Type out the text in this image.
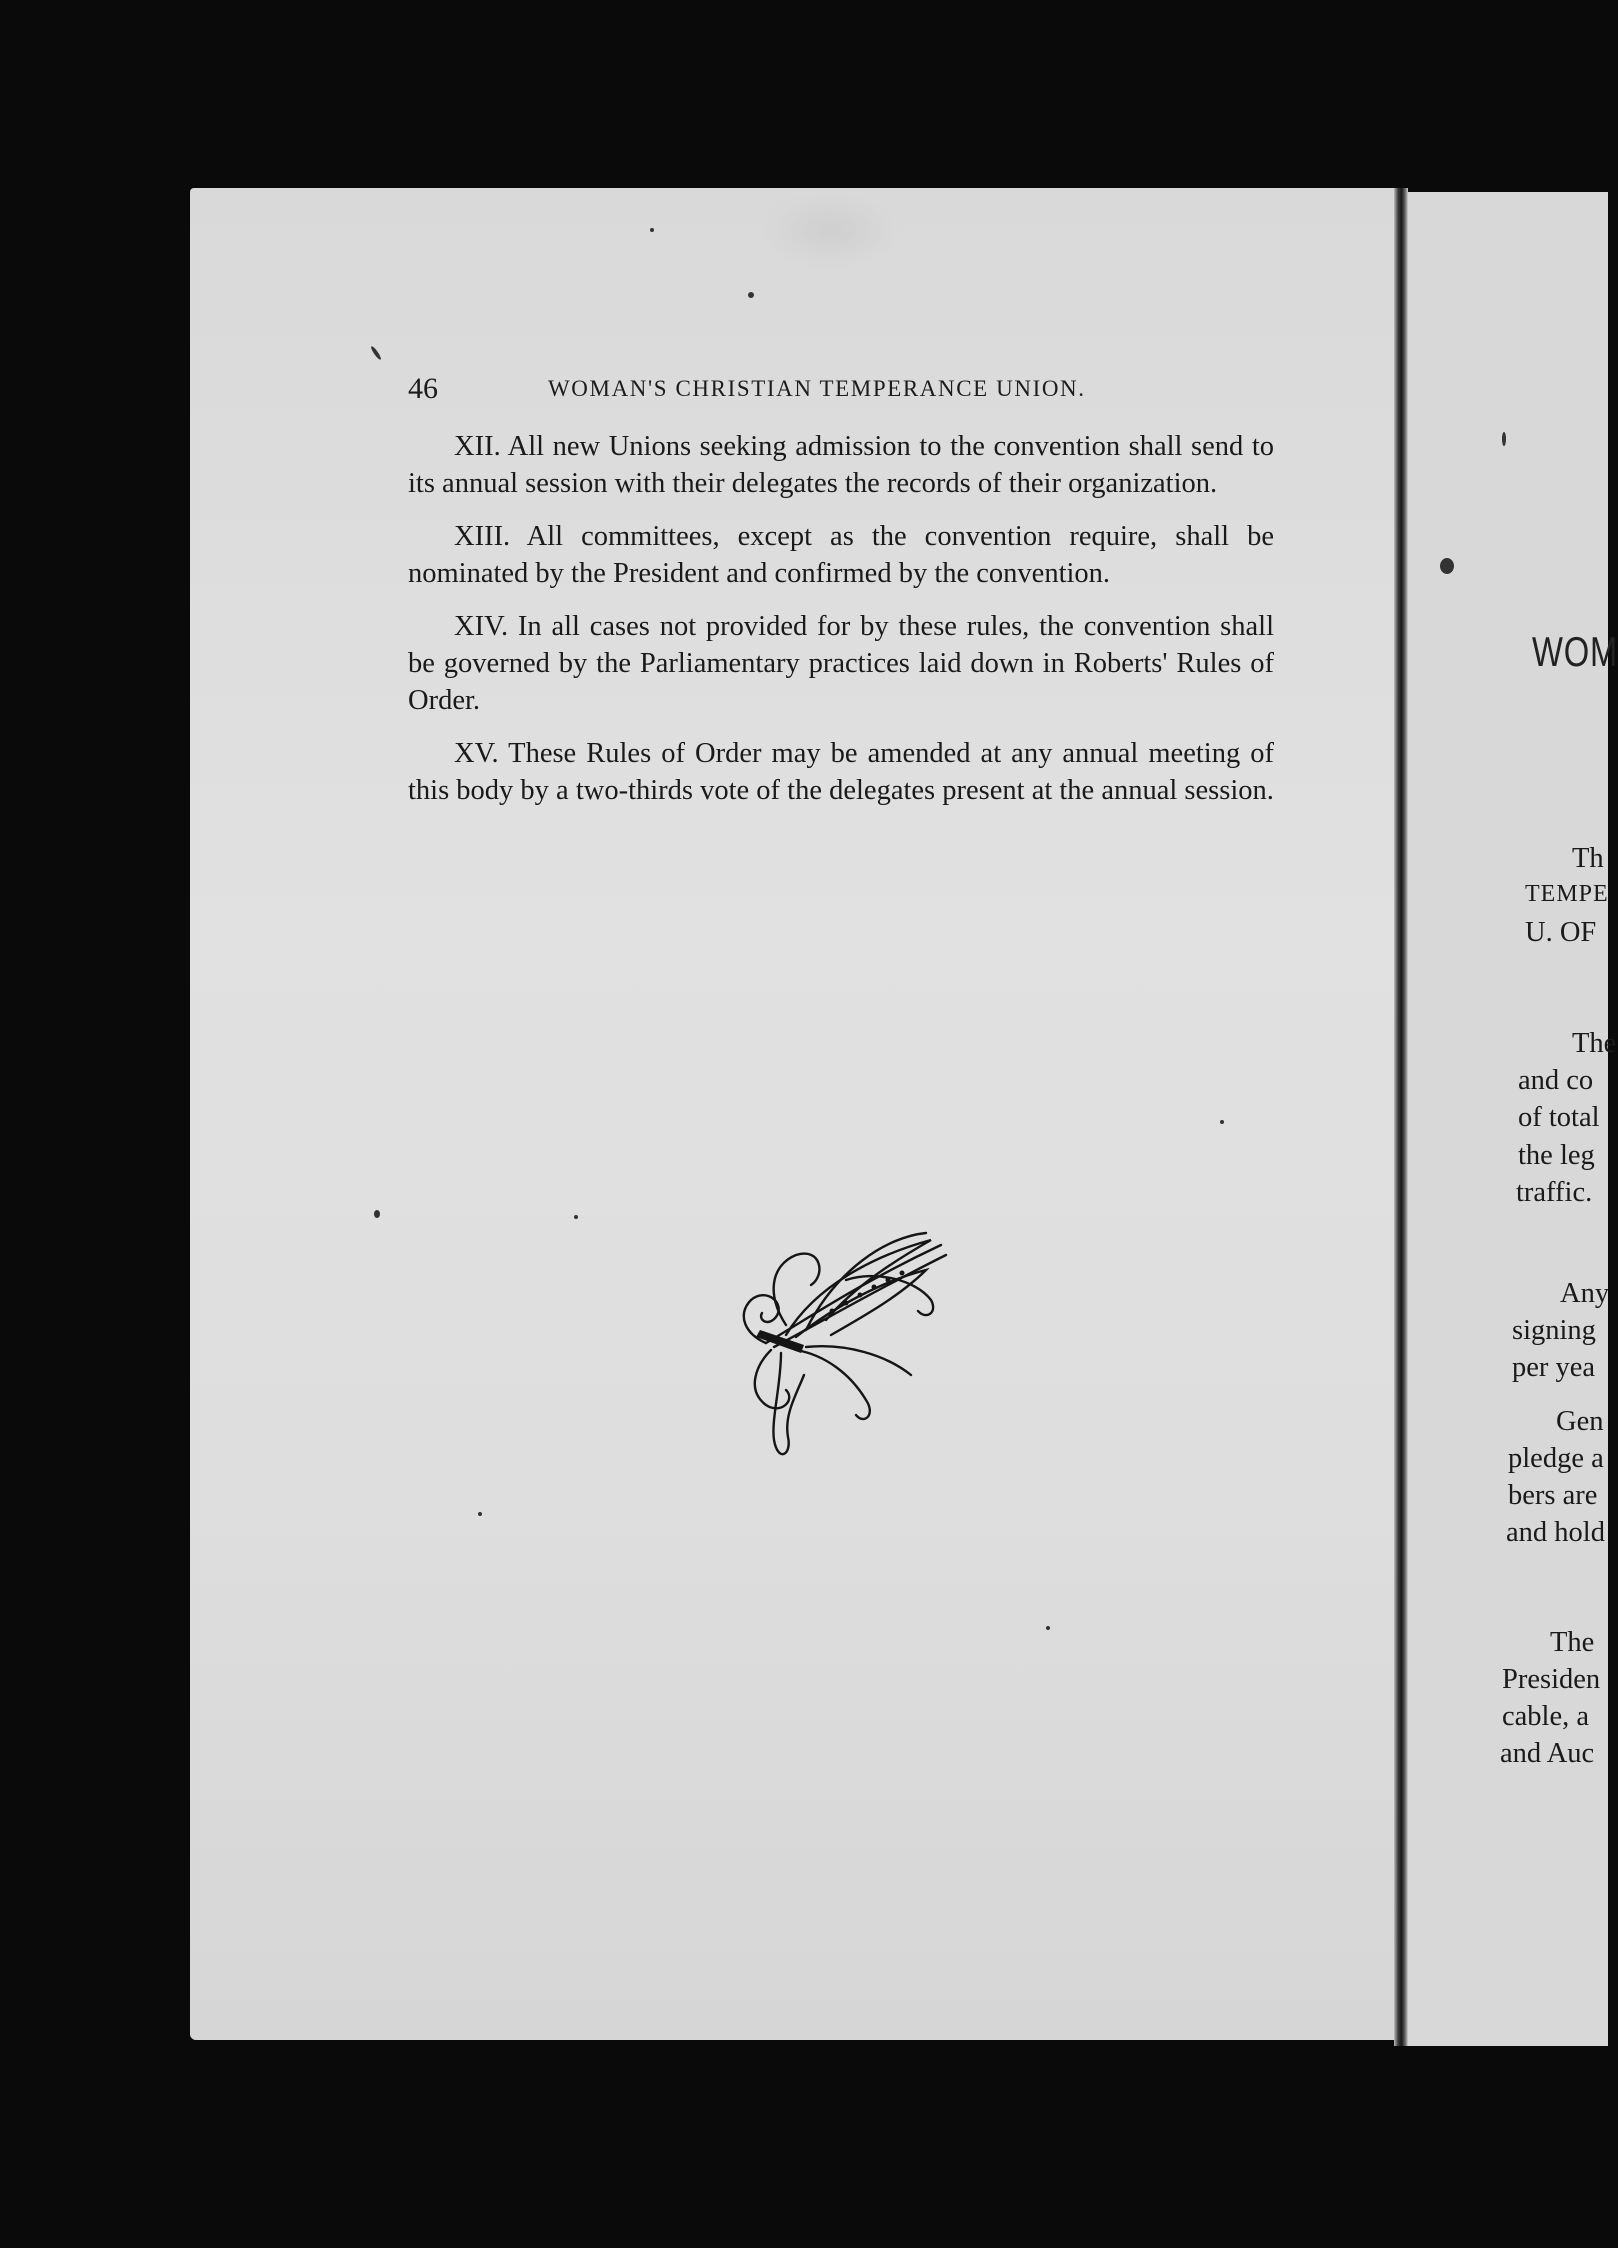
46	WOMAN'S CHRISTIAN TEMPERANCE UNION.

XII. All new Unions seeking admission to the convention shall send to its annual session with their delegates the records of their organization.

XIII. All committees, except as the convention require, shall be nominated by the President and confirmed by the convention.

XIV. In all cases not provided for by these rules, the convention shall be governed by the Parliamentary practices laid down in Roberts' Rules of Order.

XV. These Rules of Order may be amended at any annual meeting of this body by a two-thirds vote of the delegates present at the annual session.

WOM
Th
TEMPE
U. OF
The
and co
of total
the leg
traffic.
Any
signing
per yea
Gen
pledge a
bers are
and hold
The
Presiden
cable, a
and Auc
